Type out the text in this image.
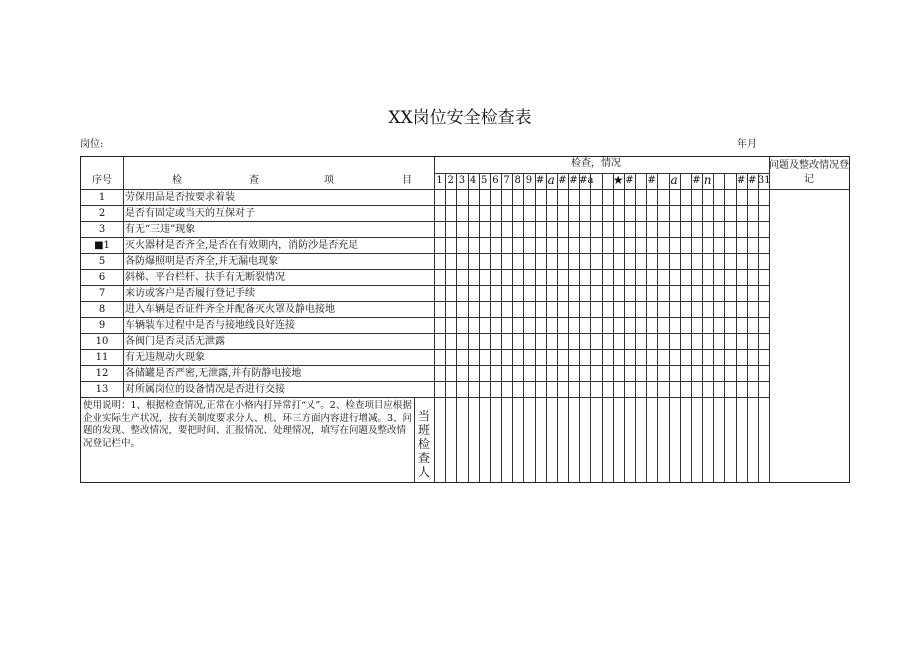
XX岗位安全检查表
岗位:	年月
序号	检	查	项	目
检查，情况	问题及整改情况登记
1 2 3 4 5 6 7 8 9 # a # # #a ★ # # a # n	# # 31
1	劳保用品是否按要求着装
2	是否有固定或当天的互保对子
3	有无“三违”现象
■1	灭火器材是否齐全,是否在有效期内，消防沙是否充足
5	各防爆照明是否齐全,并无漏电现象
6	斜梯、平台栏杆、扶手有无断裂情况
7	来访或客户是否履行登记手续
8	进入车辆是否证件齐全并配备灭火罩及静电接地
9	车辆装车过程中是否与接地线良好连接
10	各阀门是否灵活无泄露
11	有无违规动火现象
12	各储罐是否严密,无泄露,并有防静电接地
13	对所属岗位的设备情况是否进行交接
使用说明：1、根据检查情况,正常在小格内打异常打“乂”。2、检查项目应根据企业实际生产状况，按有关制度要求分人、机、环三方面内容进行增减。3、问题的发现、整改情况，要把时间、汇报情况、处理情况，填写在问题及整改情况登记栏中。
当班检查人
